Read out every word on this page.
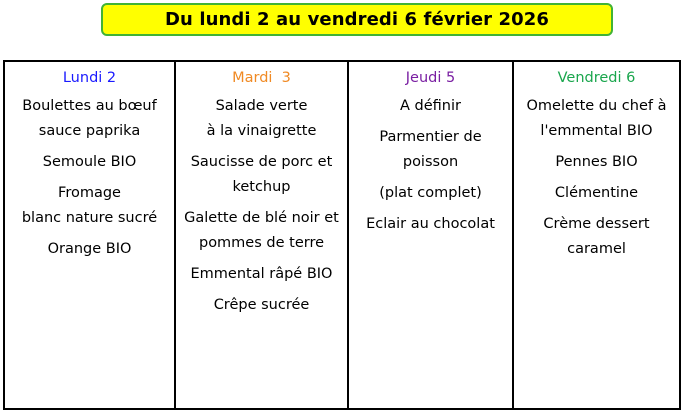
Du lundi 2 au vendredi 6 février 2026
Lundi 2
Boulettes au bœuf
sauce paprika
Semoule BIO
Fromage
blanc nature sucré
Orange BIO
Mardi  3
Salade verte
à la vinaigrette
Saucisse de porc et
ketchup
Galette de blé noir et
pommes de terre
Emmental râpé BIO
Crêpe sucrée
Jeudi 5
A définir
Parmentier de
poisson
(plat complet)
Eclair au chocolat
Vendredi 6
Omelette du chef à
l'emmental BIO
Pennes BIO
Clémentine
Crème dessert
caramel
